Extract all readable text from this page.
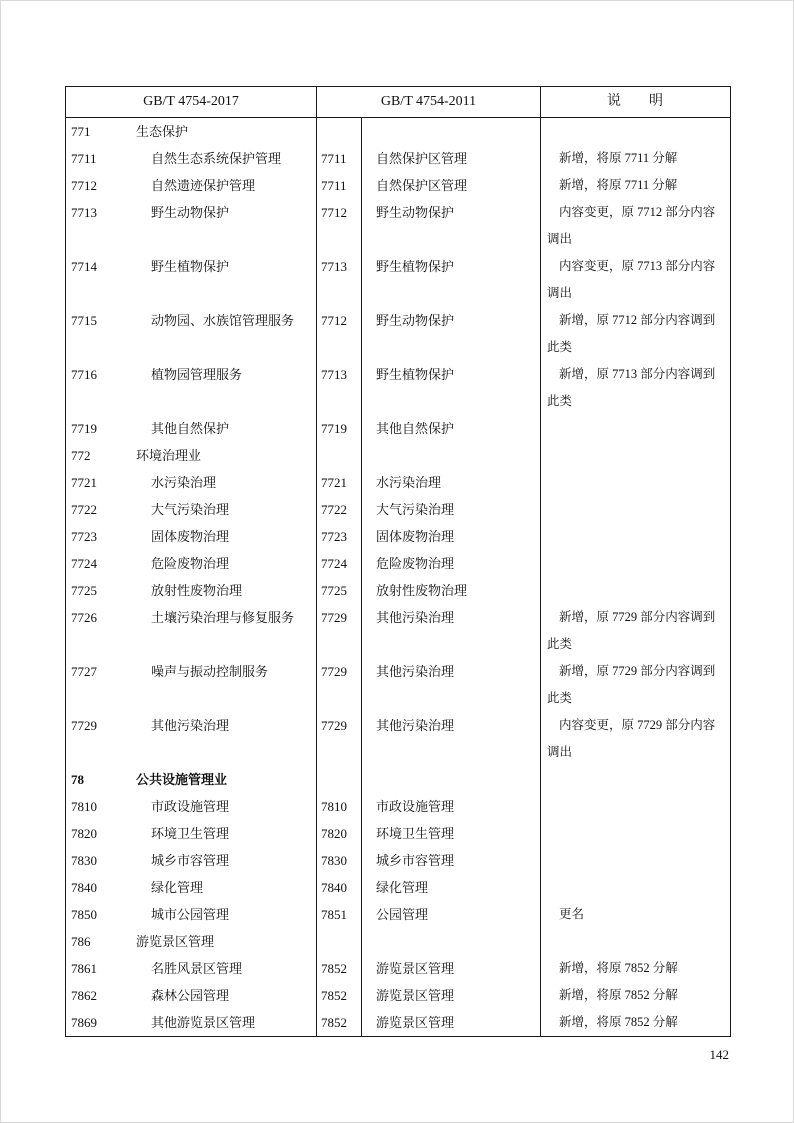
GB/T 4754-2017	GB/T 4754-2011	说　　明
771	生态保护
7711	自然生态系统保护管理	7711	自然保护区管理	新增，将原 7711 分解
7712	自然遗迹保护管理	7711	自然保护区管理	新增，将原 7711 分解
7713	野生动物保护	7712	野生动物保护	内容变更，原 7712 部分内容调出
7714	野生植物保护	7713	野生植物保护	内容变更，原 7713 部分内容调出
7715	动物园、水族馆管理服务	7712	野生动物保护	新增，原 7712 部分内容调到此类
7716	植物园管理服务	7713	野生植物保护	新增，原 7713 部分内容调到此类
7719	其他自然保护	7719	其他自然保护
772	环境治理业
7721	水污染治理	7721	水污染治理
7722	大气污染治理	7722	大气污染治理
7723	固体废物治理	7723	固体废物治理
7724	危险废物治理	7724	危险废物治理
7725	放射性废物治理	7725	放射性废物治理
7726	土壤污染治理与修复服务	7729	其他污染治理	新增，原 7729 部分内容调到此类
7727	噪声与振动控制服务	7729	其他污染治理	新增，原 7729 部分内容调到此类
7729	其他污染治理	7729	其他污染治理	内容变更，原 7729 部分内容调出
78	公共设施管理业
7810	市政设施管理	7810	市政设施管理
7820	环境卫生管理	7820	环境卫生管理
7830	城乡市容管理	7830	城乡市容管理
7840	绿化管理	7840	绿化管理
7850	城市公园管理	7851	公园管理	更名
786	游览景区管理
7861	名胜风景区管理	7852	游览景区管理	新增，将原 7852 分解
7862	森林公园管理	7852	游览景区管理	新增，将原 7852 分解
7869	其他游览景区管理	7852	游览景区管理	新增，将原 7852 分解
142
